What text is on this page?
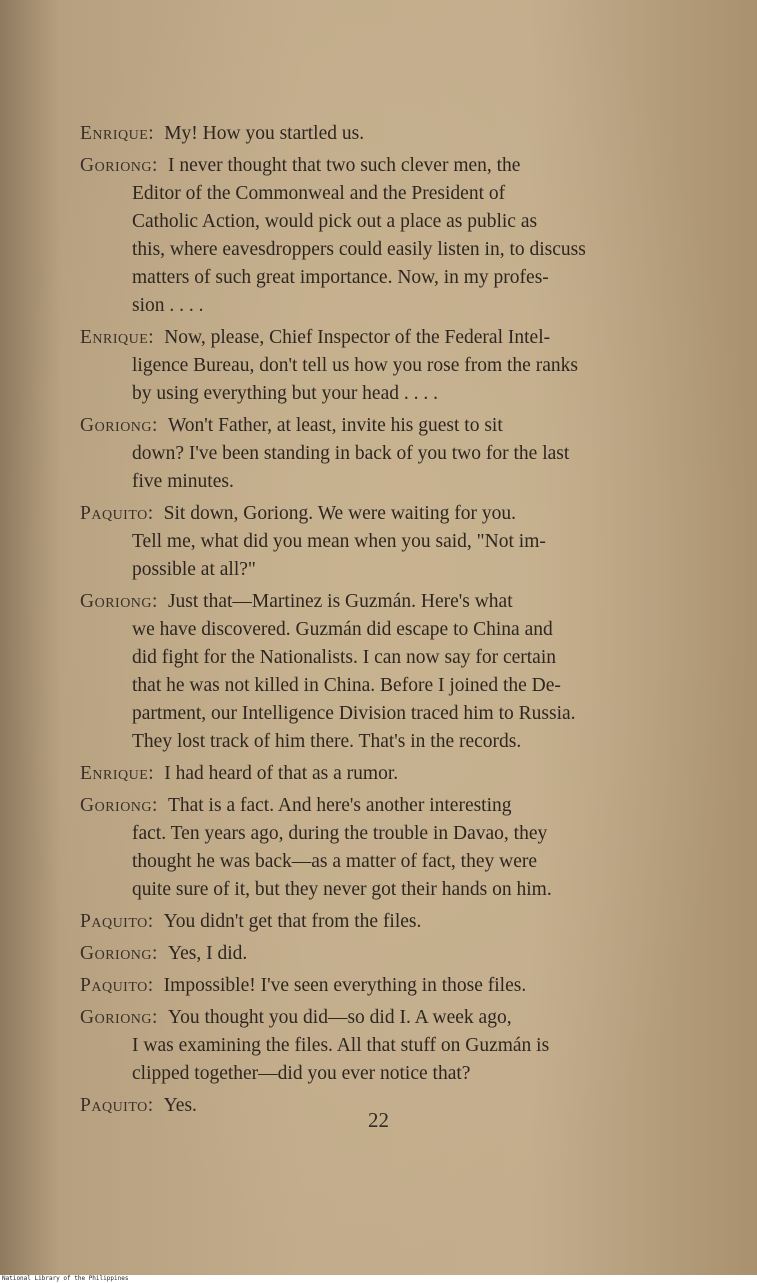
Enrique: My! How you startled us.

Goriong: I never thought that two such clever men, the
Editor of the Commonweal and the President of
Catholic Action, would pick out a place as public as
this, where eavesdroppers could easily listen in, to discuss
matters of such great importance. Now, in my profes-
sion . . . .

Enrique: Now, please, Chief Inspector of the Federal Intel-
ligence Bureau, don't tell us how you rose from the ranks
by using everything but your head . . . .

Goriong: Won't Father, at least, invite his guest to sit
down? I've been standing in back of you two for the last
five minutes.

Paquito: Sit down, Goriong. We were waiting for you.
Tell me, what did you mean when you said, "Not im-
possible at all?"

Goriong: Just that—Martinez is Guzmán. Here's what
we have discovered. Guzmán did escape to China and
did fight for the Nationalists. I can now say for certain
that he was not killed in China. Before I joined the De-
partment, our Intelligence Division traced him to Russia.
They lost track of him there. That's in the records.

Enrique: I had heard of that as a rumor.

Goriong: That is a fact. And here's another interesting
fact. Ten years ago, during the trouble in Davao, they
thought he was back—as a matter of fact, they were
quite sure of it, but they never got their hands on him.

Paquito: You didn't get that from the files.

Goriong: Yes, I did.

Paquito: Impossible! I've seen everything in those files.

Goriong: You thought you did—so did I. A week ago,
I was examining the files. All that stuff on Guzmán is
clipped together—did you ever notice that?

Paquito: Yes.

22
National Library of the Philippines
